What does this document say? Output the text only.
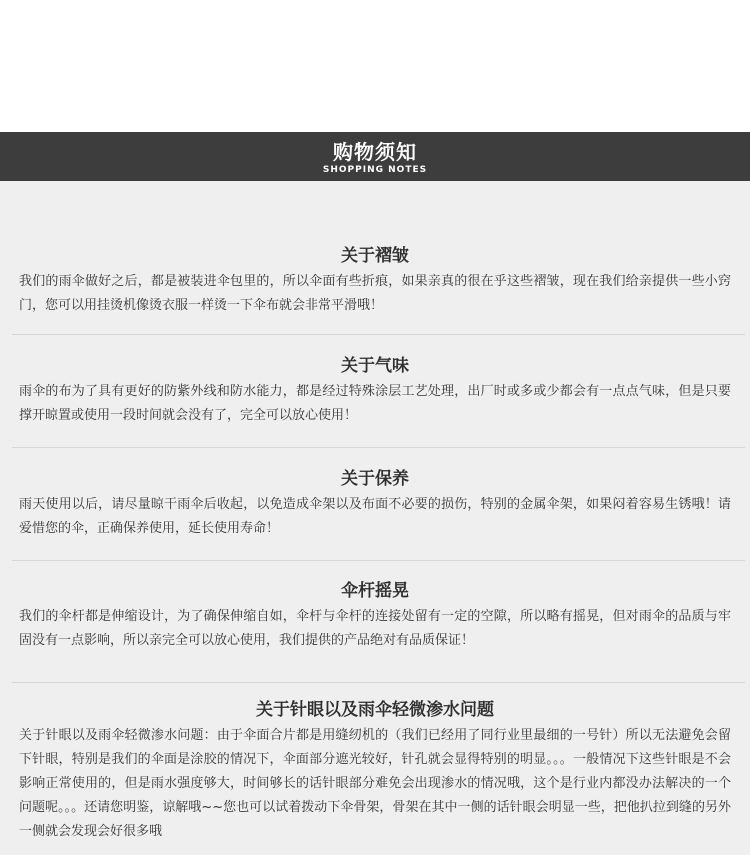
购物须知
SHOPPING NOTES
关于褶皱
我们的雨伞做好之后，都是被装进伞包里的，所以伞面有些折痕，如果亲真的很在乎这些褶皱，现在我们给亲提供一些小窍门，您可以用挂烫机像烫衣服一样烫一下伞布就会非常平滑哦！
关于气味
雨伞的布为了具有更好的防紫外线和防水能力，都是经过特殊涂层工艺处理，出厂时或多或少都会有一点点气味，但是只要撑开晾置或使用一段时间就会没有了，完全可以放心使用！
关于保养
雨天使用以后，请尽量晾干雨伞后收起，以免造成伞架以及布面不必要的损伤，特别的金属伞架，如果闷着容易生锈哦！请爱惜您的伞，正确保养使用，延长使用寿命！
伞杆摇晃
我们的伞杆都是伸缩设计，为了确保伸缩自如，伞杆与伞杆的连接处留有一定的空隙，所以略有摇晃，但对雨伞的品质与牢固没有一点影响，所以亲完全可以放心使用，我们提供的产品绝对有品质保证！
关于针眼以及雨伞轻微渗水问题
关于针眼以及雨伞轻微渗水问题：由于伞面合片都是用缝纫机的（我们已经用了同行业里最细的一号针）所以无法避免会留下针眼，特别是我们的伞面是涂胶的情况下，伞面部分遮光较好，针孔就会显得特别的明显。。。一般情况下这些针眼是不会影响正常使用的，但是雨水强度够大，时间够长的话针眼部分难免会出现渗水的情况哦，这个是行业内都没办法解决的一个问题呢。。。还请您明鉴，谅解哦~~您也可以试着拨动下伞骨架，骨架在其中一侧的话针眼会明显一些，把他扒拉到缝的另外一侧就会发现会好很多哦
